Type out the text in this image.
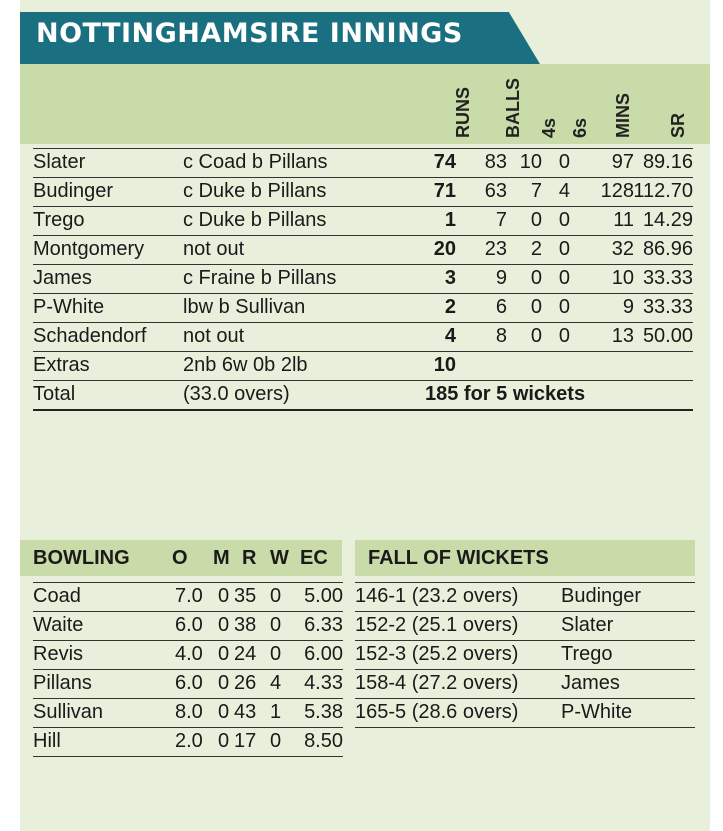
NOTTINGHAMSIRE INNINGS
RUNS BALLS 4s 6s MINS SR
Slater	c Coad b Pillans	74 83 10 0 97 89.16
Budinger	c Duke b Pillans	71 63 7 4 128 112.70
Trego	c Duke b Pillans	1 7 0 0 11 14.29
Montgomery not out	20 23 2 0 32 86.96
James	c Fraine b Pillans	3 9 0 0 10 33.33
P-White	lbw b Sullivan	2 6 0 0	9 33.33
Schadendorf not out	4 8 0 0 13 50.00
Extras	2nb 6w 0b 2lb	10
Total	(33.0 overs)	185 for 5 wickets
BOWLING O M R W EC FALL OF WICKETS
Coad	7.0 0 35 0 5.00
Waite	6.0 0 38 0 6.33
Revis	4.0 0 24 0 6.00
Pillans	6.0 0 26 4 4.33
Sullivan	8.0 0 43 1 5.38
Hill	2.0 0 17 0 8.50
146-1 (23.2 overs) Budinger
152-2 (25.1 overs) Slater
152-3 (25.2 overs) Trego
158-4 (27.2 overs) James
165-5 (28.6 overs) P-White
